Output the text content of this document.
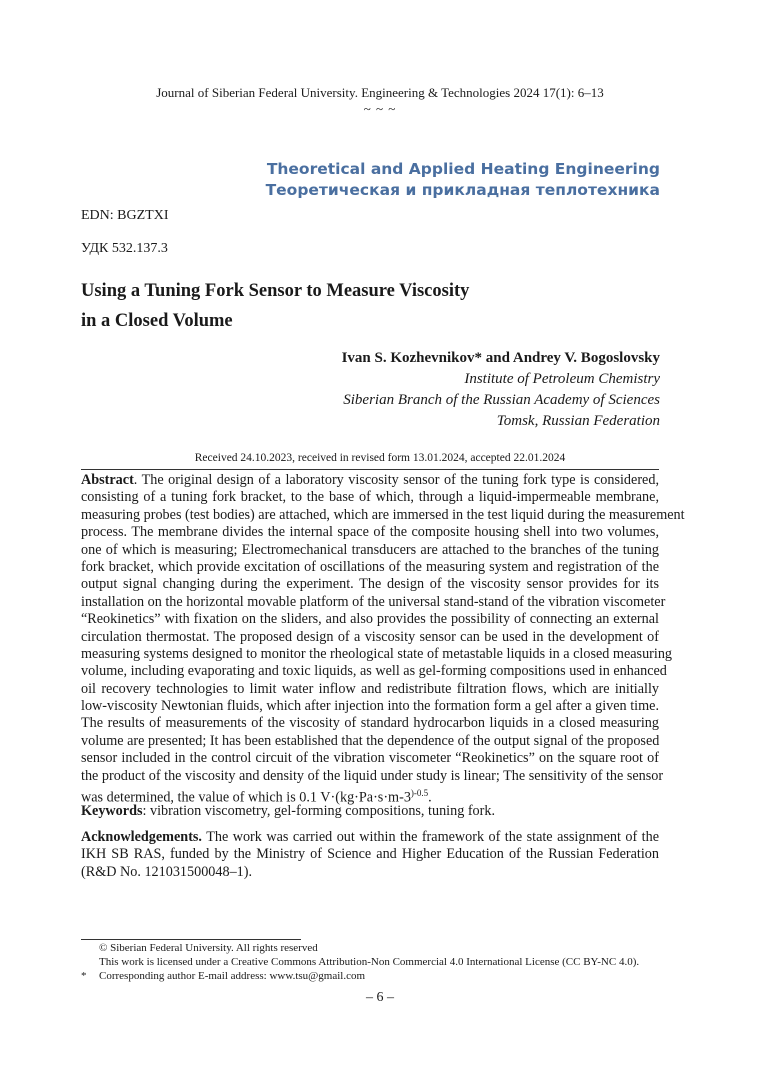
Journal of Siberian Federal University. Engineering & Technologies 2024 17(1): 6–13
~ ~ ~
Theoretical and Applied Heating Engineering
Теоретическая и прикладная теплотехника
EDN: BGZTXI
УДК 532.137.3
Using a Tuning Fork Sensor to Measure Viscosity
in a Closed Volume
Ivan S. Kozhevnikov* and Andrey V. Bogoslovsky
Institute of Petroleum Chemistry
Siberian Branch of the Russian Academy of Sciences
Tomsk, Russian Federation
Received 24.10.2023, received in revised form 13.01.2024, accepted 22.01.2024
Abstract. The original design of a laboratory viscosity sensor of the tuning fork type is considered,
consisting of a tuning fork bracket, to the base of which, through a liquid-impermeable membrane,
measuring probes (test bodies) are attached, which are immersed in the test liquid during the measurement
process. The membrane divides the internal space of the composite housing shell into two volumes,
one of which is measuring; Electromechanical transducers are attached to the branches of the tuning
fork bracket, which provide excitation of oscillations of the measuring system and registration of the
output signal changing during the experiment. The design of the viscosity sensor provides for its
installation on the horizontal movable platform of the universal stand-stand of the vibration viscometer
“Reokinetics” with fixation on the sliders, and also provides the possibility of connecting an external
circulation thermostat. The proposed design of a viscosity sensor can be used in the development of
measuring systems designed to monitor the rheological state of metastable liquids in a closed measuring
volume, including evaporating and toxic liquids, as well as gel-forming compositions used in enhanced
oil recovery technologies to limit water inflow and redistribute filtration flows, which are initially
low-viscosity Newtonian fluids, which after injection into the formation form a gel after a given time.
The results of measurements of the viscosity of standard hydrocarbon liquids in a closed measuring
volume are presented; It has been established that the dependence of the output signal of the proposed
sensor included in the control circuit of the vibration viscometer “Reokinetics” on the square root of
the product of the viscosity and density of the liquid under study is linear; The sensitivity of the sensor
was determined, the value of which is 0.1 $V\cdot(kg\cdot Pa\cdot s\cdot m-3^{)-0.5}$.
Keywords: vibration viscometry, gel-forming compositions, tuning fork.
Acknowledgements. The work was carried out within the framework of the state assignment of the IKH SB RAS, funded by the Ministry of Science and Higher Education of the Russian Federation (R&D No. 121031500048–1).
© Siberian Federal University. All rights reserved
This work is licensed under a Creative Commons Attribution-Non Commercial 4.0 International License (CC BY-NC 4.0).
* Corresponding author E-mail address: www.tsu@gmail.com
– 6 –
